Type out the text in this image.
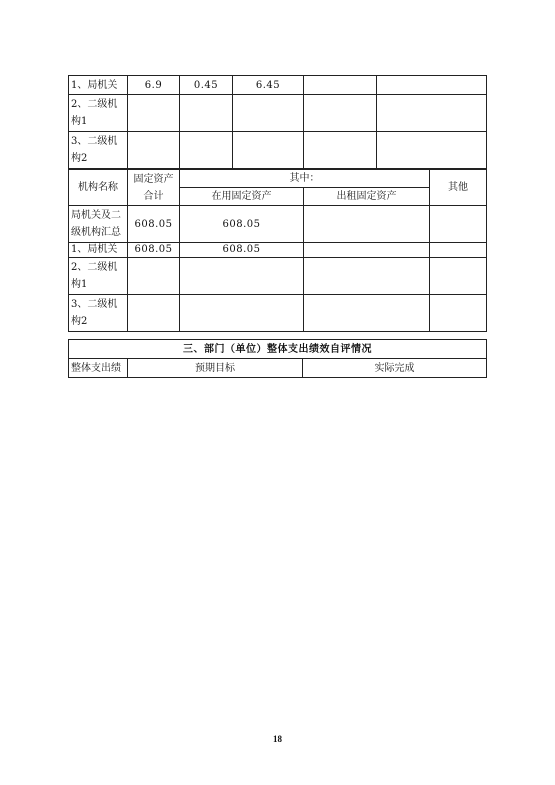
1、局机关	6.9	0.45	6.45		
2、二级机构1					
3、二级机构2					
机构名称	固定资产合计	其中：		其他
		在用固定资产	出租固定资产	
局机关及二级机构汇总	608.05	608.05		
1、局机关	608.05	608.05		
2、二级机构1				
3、二级机构2				
三、部门（单位）整体支出绩效自评情况
整体支出绩	预期目标	实际完成
18
